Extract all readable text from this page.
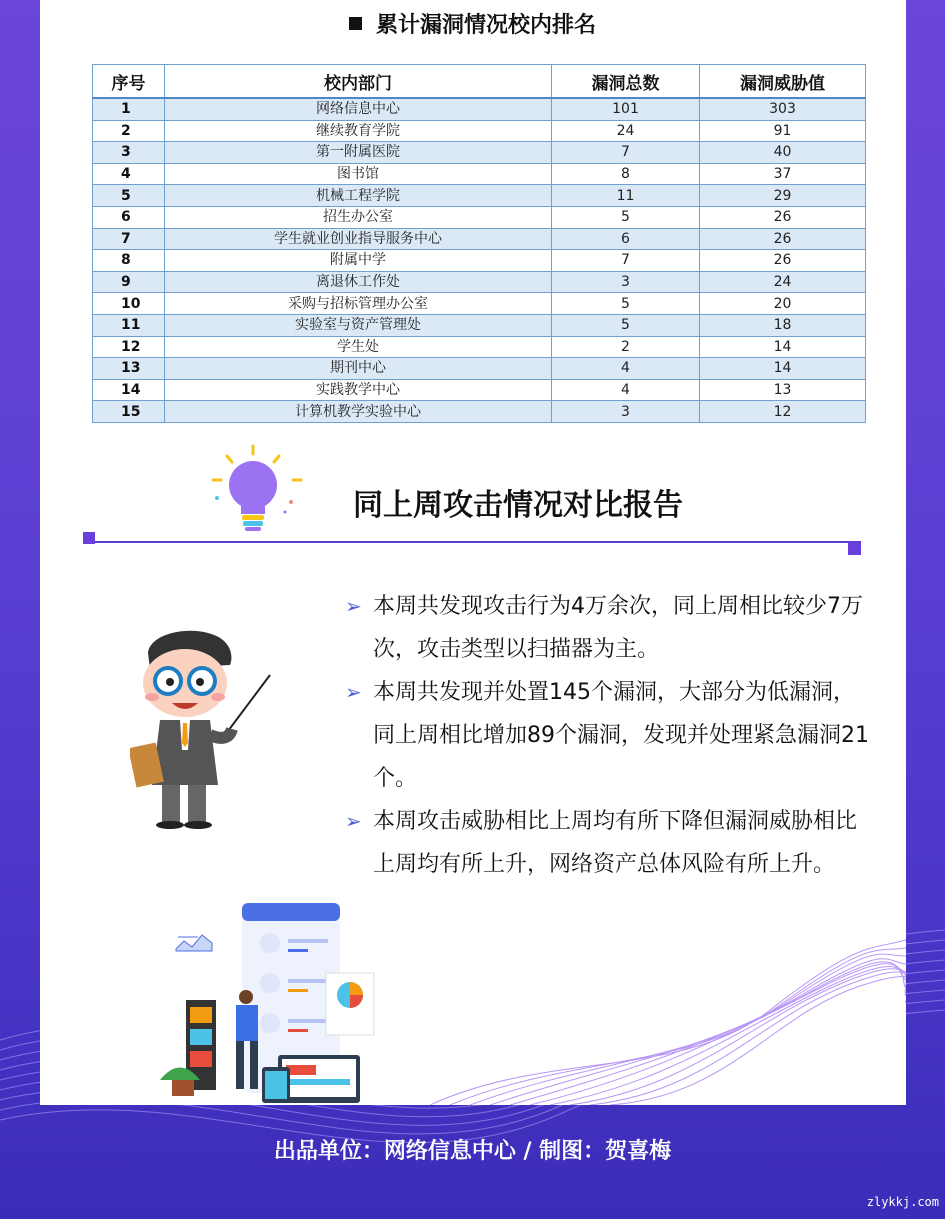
累计漏洞情况校内排名
序号	校内部门	漏洞总数	漏洞威胁值
1	网络信息中心	101	303
2	继续教育学院	24	91
3	第一附属医院	7	40
4	图书馆	8	37
5	机械工程学院	11	29
6	招生办公室	5	26
7	学生就业创业指导服务中心	6	26
8	附属中学	7	26
9	离退休工作处	3	24
10	采购与招标管理办公室	5	20
11	实验室与资产管理处	5	18
12	学生处	2	14
13	期刊中心	4	14
14	实践教学中心	4	13
15	计算机教学实验中心	3	12
同上周攻击情况对比报告
➢ 本周共发现攻击行为4万余次，同上周相比较少7万次，攻击类型以扫描器为主。
➢ 本周共发现并处置145个漏洞，大部分为低漏洞，同上周相比增加89个漏洞，发现并处理紧急漏洞21个。
➢ 本周攻击威胁相比上周均有所下降但漏洞威胁相比上周均有所上升，网络资产总体风险有所上升。
出品单位：网络信息中心 / 制图：贺喜梅
zlykkj.com
